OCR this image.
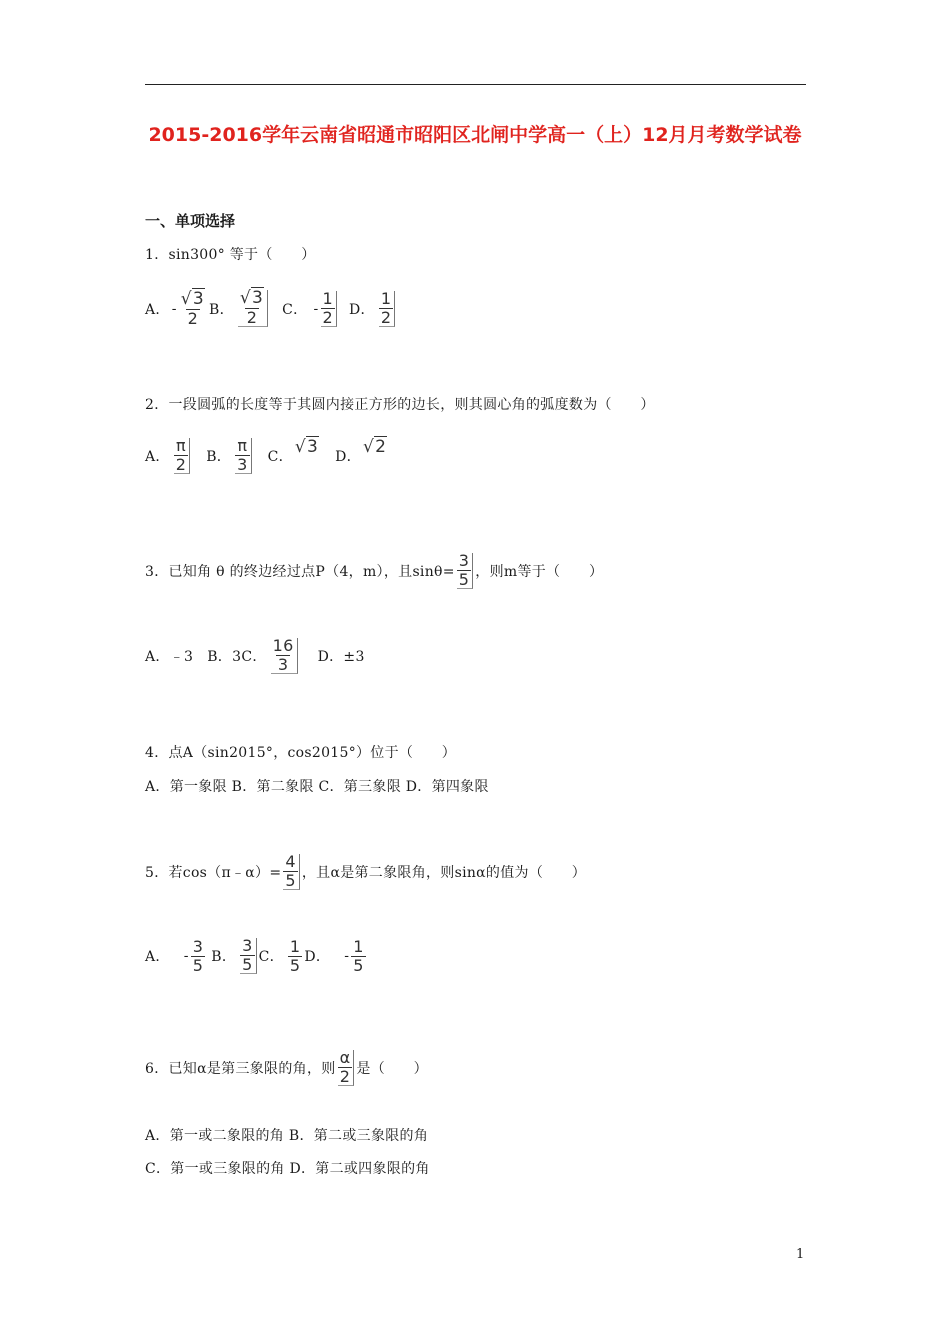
2015-2016学年云南省昭通市昭阳区北闸中学高一（上）12月月考数学试卷
一、单项选择
1．sin300° 等于（　　）
A． - $\frac{√3}{2}$ B． $\frac{√3}{2}$ C． - $\frac{1}{2}$ D． $\frac{1}{2}$
2．一段圆弧的长度等于其圆内接正方形的边长，则其圆心角的弧度数为（　　）
A． $\frac{\pi}{2}$ B． $\frac{\pi}{3}$ C． √3 D． √2
3．已知角 θ 的终边经过点P（4，m），且$\sin\theta= \frac{3}{5}$ ，则m等于（　　）
A．﹣3 B．3 C． $\frac{16}{3}$ D．±3
4．点A（sin2015°，cos2015°）位于（　　）
A．第一象限 B．第二象限 C．第三象限 D．第四象限
5．若cos（π﹣α）= $\frac{4}{5}$ ，且α是第二象限角，则sinα的值为（　　）
A． - $\frac{3}{5}$ B． $\frac{3}{5}$ C． $\frac{1}{5}$ D． - $\frac{1}{5}$
6．已知α是第三象限的角，则 $\frac{\alpha}{2}$ 是（　　）
A．第一或二象限的角 B．第二或三象限的角
C．第一或三象限的角 D．第二或四象限的角
1
